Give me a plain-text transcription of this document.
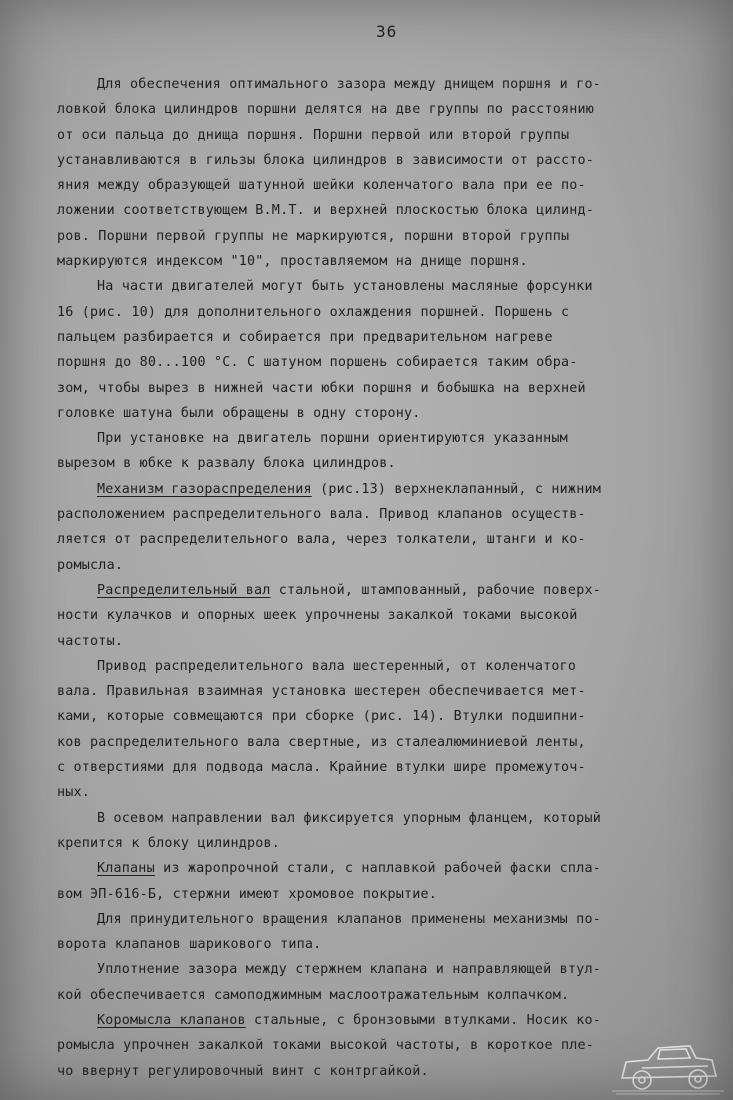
36
Для обеспечения оптимального зазора между днищем поршня и го-
ловкой блока цилиндров поршни делятся на две группы по расстоянию
от оси пальца до днища поршня. Поршни первой или второй группы
устанавливаются в гильзы блока цилиндров в зависимости от рассто-
яния между образующей шатунной шейки коленчатого вала при ее по-
ложении соответствующем В.М.Т. и верхней плоскостью блока цилинд-
ров. Поршни первой группы не маркируются, поршни второй группы
маркируются индексом "10", проставляемом на днище поршня.
На части двигателей могут быть установлены масляные форсунки
16 (рис. 10) для дополнительного охлаждения поршней. Поршень с
пальцем разбирается и собирается при предварительном нагреве
поршня до 80...100 °С. С шатуном поршень собирается таким обра-
зом, чтобы вырез в нижней части юбки поршня и бобышка на верхней
головке шатуна были обращены в одну сторону.
При установке на двигатель поршни ориентируются указанным
вырезом в юбке к развалу блока цилиндров.
Механизм газораспределения (рис.13) верхнеклапанный, с нижним
расположением распределительного вала. Привод клапанов осуществ-
ляется от распределительного вала, через толкатели, штанги и ко-
ромысла.
Распределительный вал стальной, штампованный, рабочие поверх-
ности кулачков и опорных шеек упрочнены закалкой токами высокой
частоты.
Привод распределительного вала шестеренный, от коленчатого
вала. Правильная взаимная установка шестерен обеспечивается мет-
ками, которые совмещаются при сборке (рис. 14). Втулки подшипни-
ков распределительного вала свертные, из сталеалюминиевой ленты,
с отверстиями для подвода масла. Крайние втулки шире промежуточ-
ных.
В осевом направлении вал фиксируется упорным фланцем, который
крепится к блоку цилиндров.
Клапаны из жаропрочной стали, с наплавкой рабочей фаски спла-
вом ЭП-616-Б, стержни имеют хромовое покрытие.
Для принудительного вращения клапанов применены механизмы по-
ворота клапанов шарикового типа.
Уплотнение зазора между стержнем клапана и направляющей втул-
кой обеспечивается самоподжимным маслоотражательным колпачком.
Коромысла клапанов стальные, с бронзовыми втулками. Носик ко-
ромысла упрочнен закалкой токами высокой частоты, в короткое пле-
чо ввернут регулировочный винт с контргайкой.
